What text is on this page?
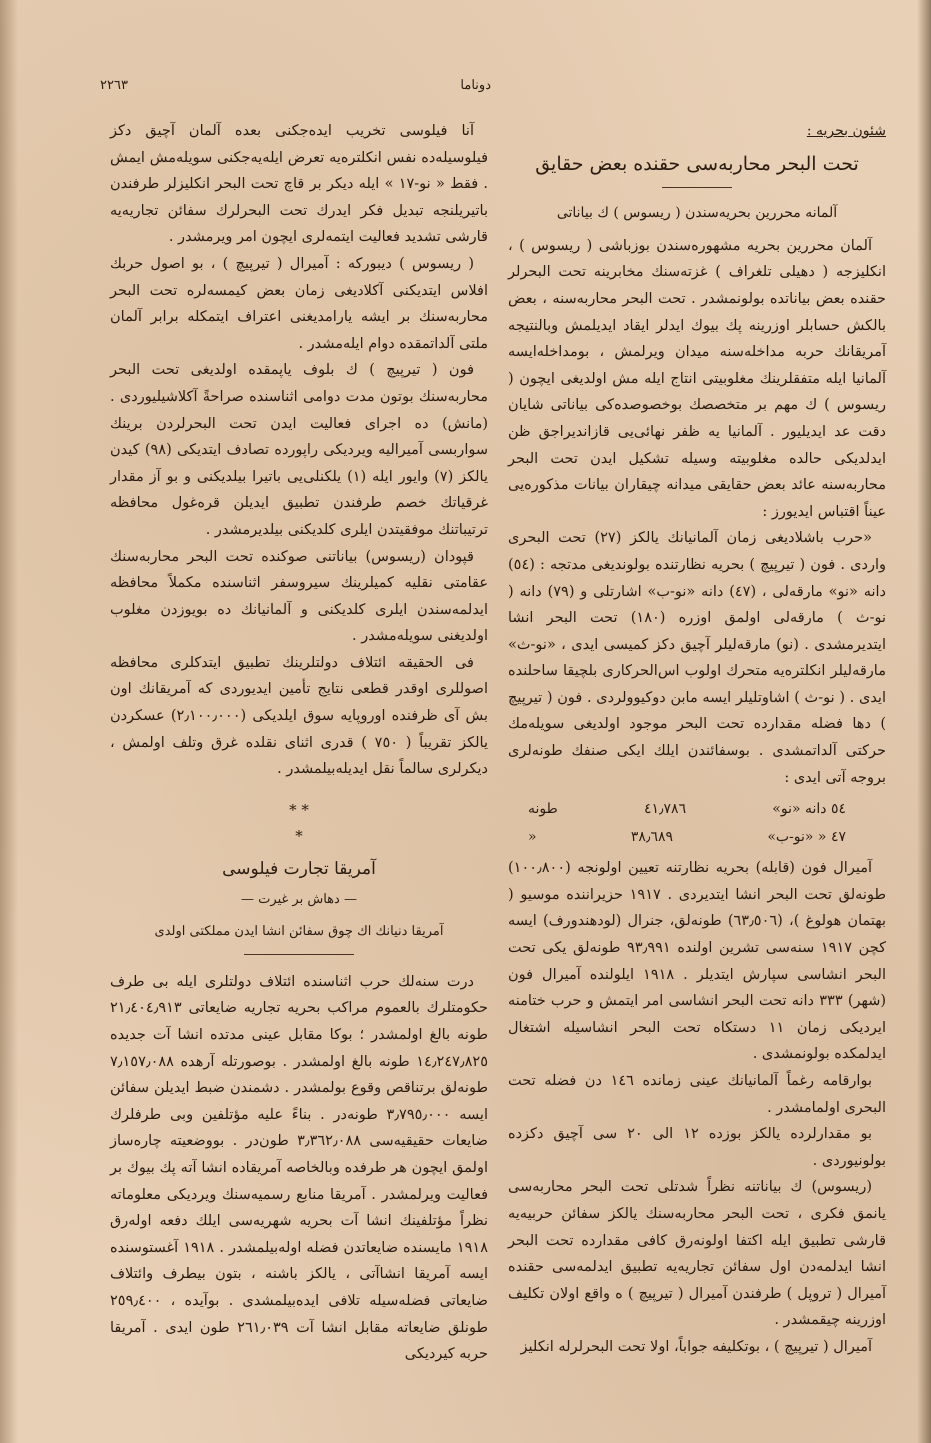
دوناما
٢٢٦٣

شئون بحریه :

تحت البحر محاربه‌سی حقنده بعض حقایق

آلمانه محررین بحریه‌سندن ( ریسوس ) ك بیاناتی

آلمان محررین بحریه مشهوره‌سندن بوزباشی ( ریسوس ) ، انكلیزجه ( دهیلی تلغراف ) غزته‌سنك مخابرینه تحت البحرلر حقنده بعض بیاناتده بولونمشدر . تحت البحر محاربه‌سنه ، بعض بالكش حسابلر اوزرینه پك بیوك ایدلر ایقاد ایدیلمش وبالنتیجه آمریقانك حربه مداخله‌سنه میدان ویرلمش ، بومداخله‌ایسه آلمانیا ایله متفقلرینك مغلوبیتی انتاج ایله مش اولدیغی ایچون ( ریسوس ) ك مهم بر متخصصك بوخصوصده‌كی بیاناتی شایان دقت عد ایدیلیور . آلمانیا یه ظفر نهائی‌یی قازاندیراجق ظن ایدلدیكی حالده مغلوبیته وسیله تشكیل ایدن تحت البحر محاربه‌سنه عائد بعض حقایقی میدانه چیقاران بیانات مذكوره‌یی عیناً اقتباس ایدیورز :

«حرب باشلادیغی زمان آلمانیانك یالكز (٢٧) تحت البحری واردی . فون ( تیرپیچ ) بحریه نظارتنده بولوندیغی مدتجه : (٥٤) دانه «نو» مارقه‌لی ، (٤٧) دانه «نو-ب» اشارتلی و (٧٩) دانه ( نو-ث ) مارقه‌لی اولمق اوزره (١٨٠) تحت البحر انشا ایتدیرمشدی . (نو) مارقه‌لیلر آچیق دكز كمیسی ایدی ، «نو-ث» مارقه‌لیلر انكلتره‌یه متحرك اولوب اس‌الحركاری بلچیقا ساحلنده ایدی . ( نو-ث ) اشاوتلیلر ایسه مابن دوكیوولردی . فون ( تیرپیچ ) دها فضله مقدارده تحت البحر موجود اولدیغی سویله‌مك حركتی آلداتمشدی . بوسفائندن ایلك ایكی صنفك طونه‌لری بروجه آتی ایدی :

٥٤ دانه «نو»
٤١٫٧٨٦
طونه
٤٧ « «نو-ب»
٣٨٫٦٨٩
«

آمیرال فون (قابله) بحریه نظارتنه تعیین اولونجه (١٠٠٫٨٠٠) طونه‌لق تحت البحر انشا ایتدیردی . ١٩١٧ حزیراننده موسیو ( بهتمان هولوغ )، (٦٣٫٥٠٦) طونه‌لق، جنرال (لودهندورف) ایسه كچن ١٩١٧ سنه‌سی تشرین اولنده ٩٣٫٩٩١ طونه‌لق یكی تحت البحر انشاسی سپارش ایتدیلر . ١٩١٨ ایلولنده آمیرال فون (شهر) ٣٣٣ دانه تحت البحر انشاسی امر ایتمش و حرب ختامنه ایردیكی زمان ١١ دستكاه تحت البحر انشاسیله اشتغال ایدلمكده بولونمشدی .

بوارقامه رغماً آلمانیانك عینی زمانده ١٤٦ دن فضله تحت البحری اولمامشدر .

بو مقدارلرده یالكز بوزده ١٢ الی ٢٠ سی آچیق دكزده بولونیوردی .

(ریسوس) ك بیاناتنه نظراً شدتلی تحت البحر محاربه‌سی یانمق فكری ، تحت البحر محاربه‌سنك یالكز سفائن حربیه‌یه قارشی تطبیق ایله اكتفا اولونه‌رق كافی مقدارده تحت البحر انشا ایدلمه‌دن اول سفائن تجاریه‌یه تطبیق ایدلمه‌سی حقنده آمیرال ( تروپل ) طرفندن آمیرال ( تیرپیچ ) ه واقع اولان تكلیف اوزرینه چیقمشدر .

آمیرال ( تیرپیچ ) ، بوتكلیفه جواباً، اولا تحت البحرلرله انكلیز

آنا فیلوسی تخریب ایده‌جكنی بعده آلمان آچیق دكز فیلوسیله‌ده نفس انكلتره‌یه تعرض ایله‌یه‌جكنی سویله‌مش ایمش . فقط « نو-١٧ » ایله دیكر بر قاچ تحت البحر انكلیزلر طرفندن باتیریلنجه تبدیل فكر ایدرك تحت البحرلرك سفائن تجاریه‌یه قارشی تشدید فعالیت ایتمه‌لری ایچون امر ویرمشدر .

( ریسوس ) دیبوركه : آمیرال ( تیرپیچ ) ، بو اصول حربك افلاس ایتدیكنی آكلادیغی زمان بعض كیمسه‌لره تحت البحر محاربه‌سنك بر ایشه یارامدیغنی اعتراف ایتمكله برابر آلمان ملتی آلداتمقده دوام ایله‌مشدر .

فون ( تیرپیچ ) ك بلوف یاپمقده اولدیغی تحت البحر محاربه‌سنك بوتون مدت دوامی اثناسنده صراحةً آكلاشیلیوردی . (مانش) ده اجرای فعالیت ایدن تحت البحرلردن برینك سواربسی آمیرالیه ویردیكی راپورده تصادف ایتدیكی (٩٨) كیدن یالكز (٧) وایور ایله (١) یلكنلی‌یی باتیرا بیلدیكنی و بو آز مقدار غرقیاتك خصم طرفندن تطبیق ایدیلن قره‌غول محافظه ترتیباتنك موفقیتدن ایلری كلدیكنی بیلدیرمشدر .

قپودان (ریسوس) بیاناتنی صوكنده تحت البحر محاربه‌سنك عقامتی نقلیه كمیلرینك سیروسفر اثناسنده مكملاً محافظه ایدلمه‌سندن ایلری كلدیكنی و آلمانیانك ده بویوزدن مغلوب اولدیغنی سویله‌مشدر .

فی الحقیقه ائتلاف دولتلرینك تطبیق ایتدكلری محافظه اصوللری اوقدر قطعی نتایج تأمین ایدیوردی كه آمریقانك اون بش آی ظرفنده اوروپایه سوق ایلدیكی (٢٫١٠٠٫٠٠٠) عسكردن یالكز تقریباً ( ٧٥٠ ) قدری اثنای نقلده غرق وتلف اولمش ، دیكرلری سالماً نقل ایدیله‌بیلمشدر .

* *
*

آمریقا تجارت فیلوسی

— دهاش بر غیرت —

آمریقا دنیانك اك چوق سفائن انشا ایدن مملكتی اولدی

درت سنه‌لك حرب اثناسنده ائتلاف دولتلری ایله بی طرف حكومتلرك بالعموم مراكب بحریه تجاریه ضایعاتی ٢١٫٤٠٤٫٩١٣ طونه بالغ اولمشدر ؛ بوكا مقابل عینی مدتده انشا آت جدیده ١٤٫٢٤٧٫٨٢٥ طونه بالغ اولمشدر . بوصورتله آرهده ٧٫١٥٧٫٠٨٨ طونه‌لق برتناقص وقوع بولمشدر . دشمندن ضبط ایدیلن سفائن ایسه ٣٫٧٩٥٫٠٠٠ طونه‌در . بناءً علیه مؤتلفین وبی طرفلرك ضایعات حقیقیه‌سی ٣٫٣٦٢٫٠٨٨ طون‌در . بووضعیته چاره‌ساز اولمق ایچون هر طرفده وبالخاصه آمریقاده انشا آته پك بیوك بر فعالیت ویرلمشدر . آمریقا منابع رسمیه‌سنك ویردیكی معلوماته نظراً مؤتلفینك انشا آت بحریه شهریه‌سی ایلك دفعه اوله‌رق ١٩١٨ مایسنده ضایعاتدن فضله اوله‌بیلمشدر . ١٩١٨ آغستوسنده ایسه آمریقا انشاآتی ، یالكز باشنه ، بتون بیطرف وائتلاف ضایعاتی فضله‌سیله تلافی ایده‌بیلمشدی . بوآیده ، ٢٥٩٫٤٠٠ طونلق ضایعاته مقابل انشا آت ٢٦١٫٠٣٩ طون ایدی . آمریقا حربه كیردیكی
